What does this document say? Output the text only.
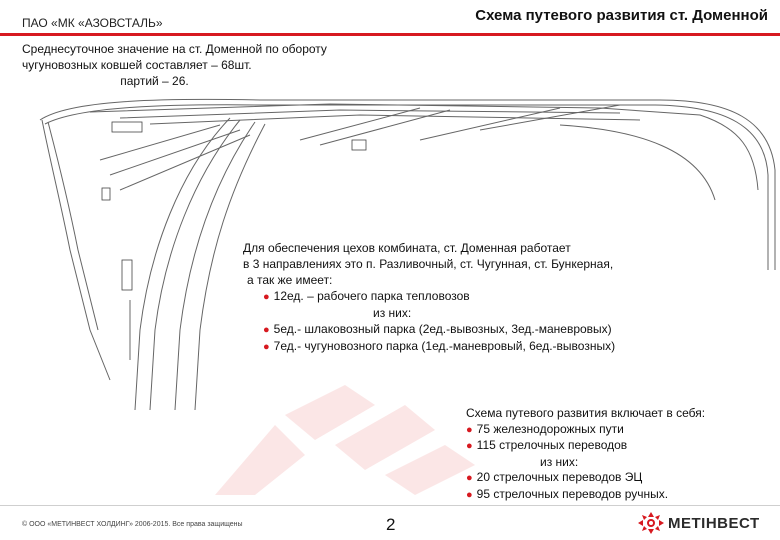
ПАО «МК «АЗОВСТАЛЬ»	Схема путевого развития ст. Доменной
Среднесуточное значение на ст. Доменной по обороту
чугуновозных ковшей составляет – 68шт.

партий – 26.
Для обеспечения цехов комбината, ст. Доменная работает
в 3 направлениях это п. Разливочный, ст. Чугунная, ст. Бункерная,
а так же имеет:
● 12ед. – рабочего парка тепловозов
из них:
● 5ед.- шлаковозный парка (2ед.-вывозных, 3ед.-маневровых)
● 7ед.- чугуновозного парка (1ед.-маневровый, 6ед.-вывозных)
Схема путевого развития включает в себя:
● 75 железнодорожных пути
● 115 стрелочных переводов
из них:
● 20 стрелочных переводов ЭЦ
● 95 стрелочных переводов ручных.
© ООО «МЕТИНВЕСТ ХОЛДИНГ» 2006-2015. Все права защищены	2	МЕТІНВЕСТ
